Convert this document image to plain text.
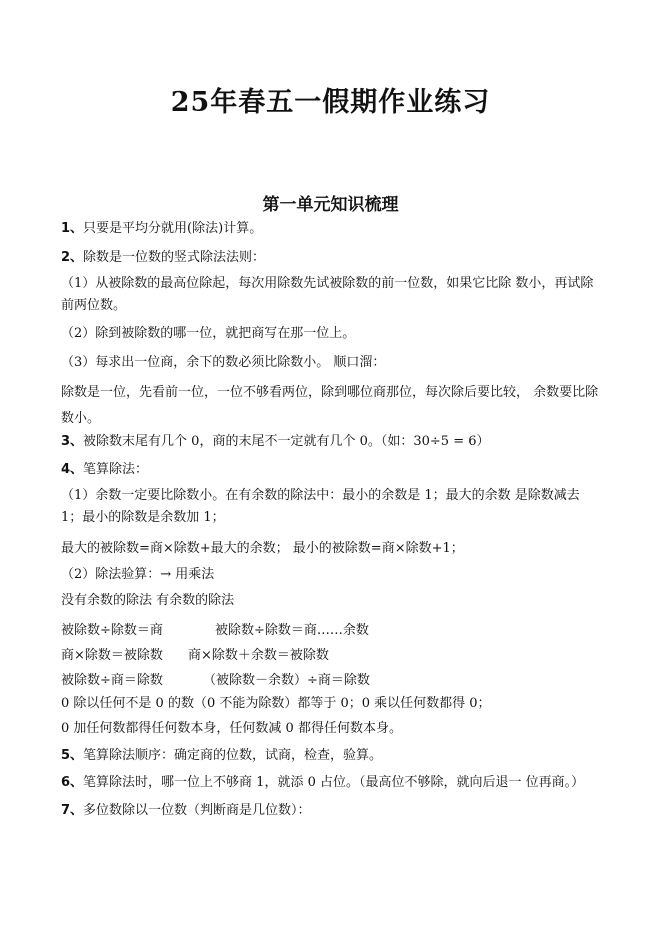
25年春五一假期作业练习
第一单元知识梳理
1、只要是平均分就用(除法)计算。
2、除数是一位数的竖式除法法则：
（1）从被除数的最高位除起，每次用除数先试被除数的前一位数，如果它比除 数小，再试除前两位数。
（2）除到被除数的哪一位，就把商写在那一位上。
（3）每求出一位商，余下的数必须比除数小。 顺口溜：
除数是一位，先看前一位，一位不够看两位，除到哪位商那位，每次除后要比较， 余数要比除数小。
3、被除数末尾有几个 0，商的末尾不一定就有几个 0。（如：30÷5 = 6）
4、笔算除法：
（1）余数一定要比除数小。在有余数的除法中：最小的余数是 1；最大的余数 是除数减去 1；最小的除数是余数加 1；
最大的被除数=商×除数+最大的余数； 最小的被除数=商×除数+1；
（2）除法验算：→ 用乘法
没有余数的除法 有余数的除法
被除数÷除数＝商	被除数÷除数＝商……余数
商×除数＝被除数 商×除数＋余数＝被除数
被除数÷商＝除数	（被除数－余数）÷商＝除数
0 除以任何不是 0 的数（0 不能为除数）都等于 0；0 乘以任何数都得 0；
0 加任何数都得任何数本身，任何数减 0 都得任何数本身。
5、笔算除法顺序：确定商的位数，试商，检查，验算。
6、笔算除法时，哪一位上不够商 1，就添 0 占位。（最高位不够除，就向后退一 位再商。）
7、多位数除以一位数（判断商是几位数）：
